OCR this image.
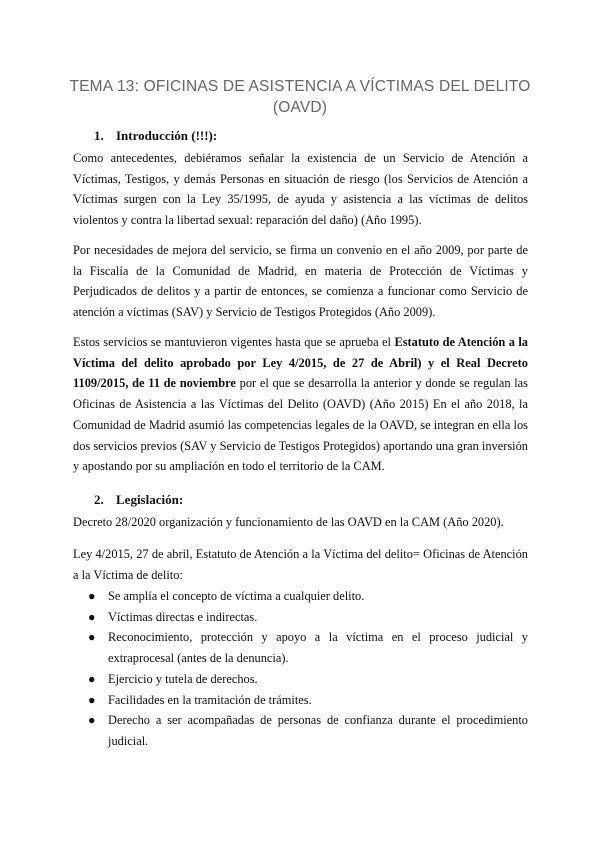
TEMA 13: OFICINAS DE ASISTENCIA A VÍCTIMAS DEL DELITO
(OAVD)
1. Introducción (!!!):

Como antecedentes, debiéramos señalar la existencia de un Servicio de Atención a Víctimas, Testigos, y demás Personas en situación de riesgo (los Servicios de Atención a Víctimas surgen con la Ley 35/1995, de ayuda y asistencia a las víctimas de delitos violentos y contra la libertad sexual: reparación del daño) (Año 1995).

Por necesidades de mejora del servicio, se firma un convenio en el año 2009, por parte de la Fiscalía de la Comunidad de Madrid, en materia de Protección de Víctimas y Perjudicados de delitos y a partir de entonces, se comienza a funcionar como Servicio de atención a víctimas (SAV) y Servicio de Testigos Protegidos (Año 2009).

Estos servicios se mantuvieron vigentes hasta que se aprueba el Estatuto de Atención a la Víctima del delito aprobado por Ley 4/2015, de 27 de Abril) y el Real Decreto 1109/2015, de 11 de noviembre por el que se desarrolla la anterior y donde se regulan las Oficinas de Asistencia a las Víctimas del Delito (OAVD) (Año 2015) En el año 2018, la Comunidad de Madrid asumió las competencias legales de la OAVD, se integran en ella los dos servicios previos (SAV y Servicio de Testigos Protegidos) aportando una gran inversión y apostando por su ampliación en todo el territorio de la CAM.

2. Legislación:

Decreto 28/2020 organización y funcionamiento de las OAVD en la CAM (Año 2020).

Ley 4/2015, 27 de abril, Estatuto de Atención a la Víctima del delito= Oficinas de Atención a la Víctima de delito:

● Se amplía el concepto de víctima a cualquier delito.
● Víctimas directas e indirectas.
● Reconocimiento, protección y apoyo a la víctima en el proceso judicial y extraprocesal (antes de la denuncia).
● Ejercicio y tutela de derechos.
● Facilidades en la tramitación de trámites.
● Derecho a ser acompañadas de personas de confianza durante el procedimiento judicial.
